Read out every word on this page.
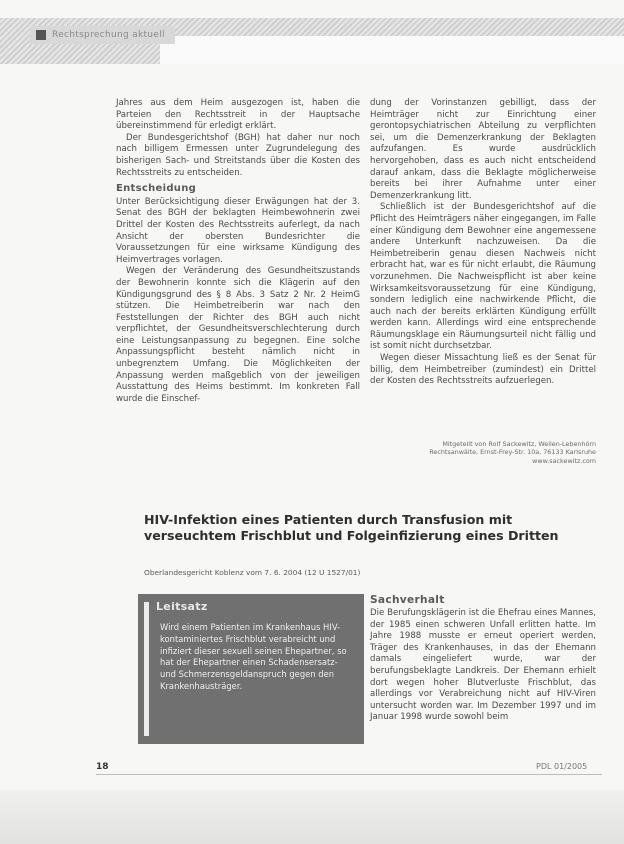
Rechtsprechung aktuell

Jahres aus dem Heim ausgezogen ist, haben die Parteien den Rechtsstreit in der Hauptsache übereinstimmend für erledigt erklärt.

Der Bundesgerichtshof (BGH) hat daher nur noch nach billigem Ermessen unter Zugrundelegung des bisherigen Sach- und Streitstands über die Kosten des Rechtsstreits zu entscheiden.

Entscheidung

Unter Berücksichtigung dieser Erwägungen hat der 3. Senat des BGH der beklagten Heimbewohnerin zwei Drittel der Kosten des Rechtsstreits auferlegt, da nach Ansicht der obersten Bundesrichter die Voraussetzungen für eine wirksame Kündigung des Heimvertrages vorlagen.

Wegen der Veränderung des Gesundheitszustands der Bewohnerin konnte sich die Klägerin auf den Kündigungsgrund des § 8 Abs. 3 Satz 2 Nr. 2 HeimG stützen. Die Heimbetreiberin war nach den Feststellungen der Richter des BGH auch nicht verpflichtet, der Gesundheitsverschlechterung durch eine Leistungsanpassung zu begegnen. Eine solche Anpassungspflicht besteht nämlich nicht in unbegrenztem Umfang. Die Möglichkeiten der Anpassung werden maßgeblich von der jeweiligen Ausstattung des Heims bestimmt. Im konkreten Fall wurde die Einschef-

dung der Vorinstanzen gebilligt, dass der Heimträger nicht zur Einrichtung einer gerontopsychiatrischen Abteilung zu verpflichten sei, um die Demenzerkrankung der Beklagten aufzufangen. Es wurde ausdrücklich hervorgehoben, dass es auch nicht entscheidend darauf ankam, dass die Beklagte möglicherweise bereits bei ihrer Aufnahme unter einer Demenzerkrankung litt.

Schließlich ist der Bundesgerichtshof auf die Pflicht des Heimträgers näher eingegangen, im Falle einer Kündigung dem Bewohner eine angemessene andere Unterkunft nachzuweisen. Da die Heimbetreiberin genau diesen Nachweis nicht erbracht hat, war es für nicht erlaubt, die Räumung vorzunehmen. Die Nachweispflicht ist aber keine Wirksamkeitsvoraussetzung für eine Kündigung, sondern lediglich eine nachwirkende Pflicht, die auch nach der bereits erklärten Kündigung erfüllt werden kann. Allerdings wird eine entsprechende Räumungsklage ein Räumungsurteil nicht fällig und ist somit nicht durchsetzbar.

Wegen dieser Missachtung ließ es der Senat für billig, dem Heimbetreiber (zumindest) ein Drittel der Kosten des Rechtsstreits aufzuerlegen.

Mitgeteilt von Rolf Sackewitz, Weilen-Lebenhörn
Rechtsanwälte, Ernst-Frey-Str. 10a, 76133 Karlsruhe
www.sackewitz.com
HIV-Infektion eines Patienten durch Transfusion mit verseuchtem Frischblut und Folgeinfizierung eines Dritten
Oberlandesgericht Koblenz vom 7. 6. 2004 (12 U 1527/01)
Leitsatz
Wird einem Patienten im Krankenhaus HIV-kontaminiertes Frischblut verabreicht und infiziert dieser sexuell seinen Ehepartner, so hat der Ehepartner einen Schadensersatz- und Schmerzensgeldanspruch gegen den Krankenhausträger.
Sachverhalt
Die Berufungsklägerin ist die Ehefrau eines Mannes, der 1985 einen schweren Unfall erlitten hatte. Im Jahre 1988 musste er erneut operiert werden, Träger des Krankenhauses, in das der Ehemann damals eingeliefert wurde, war der berufungsbeklagte Landkreis. Der Ehemann erhielt dort wegen hoher Blutverluste Frischblut, das allerdings vor Verabreichung nicht auf HIV-Viren untersucht worden war. Im Dezember 1997 und im Januar 1998 wurde sowohl beim
18	PDL 01/2005
